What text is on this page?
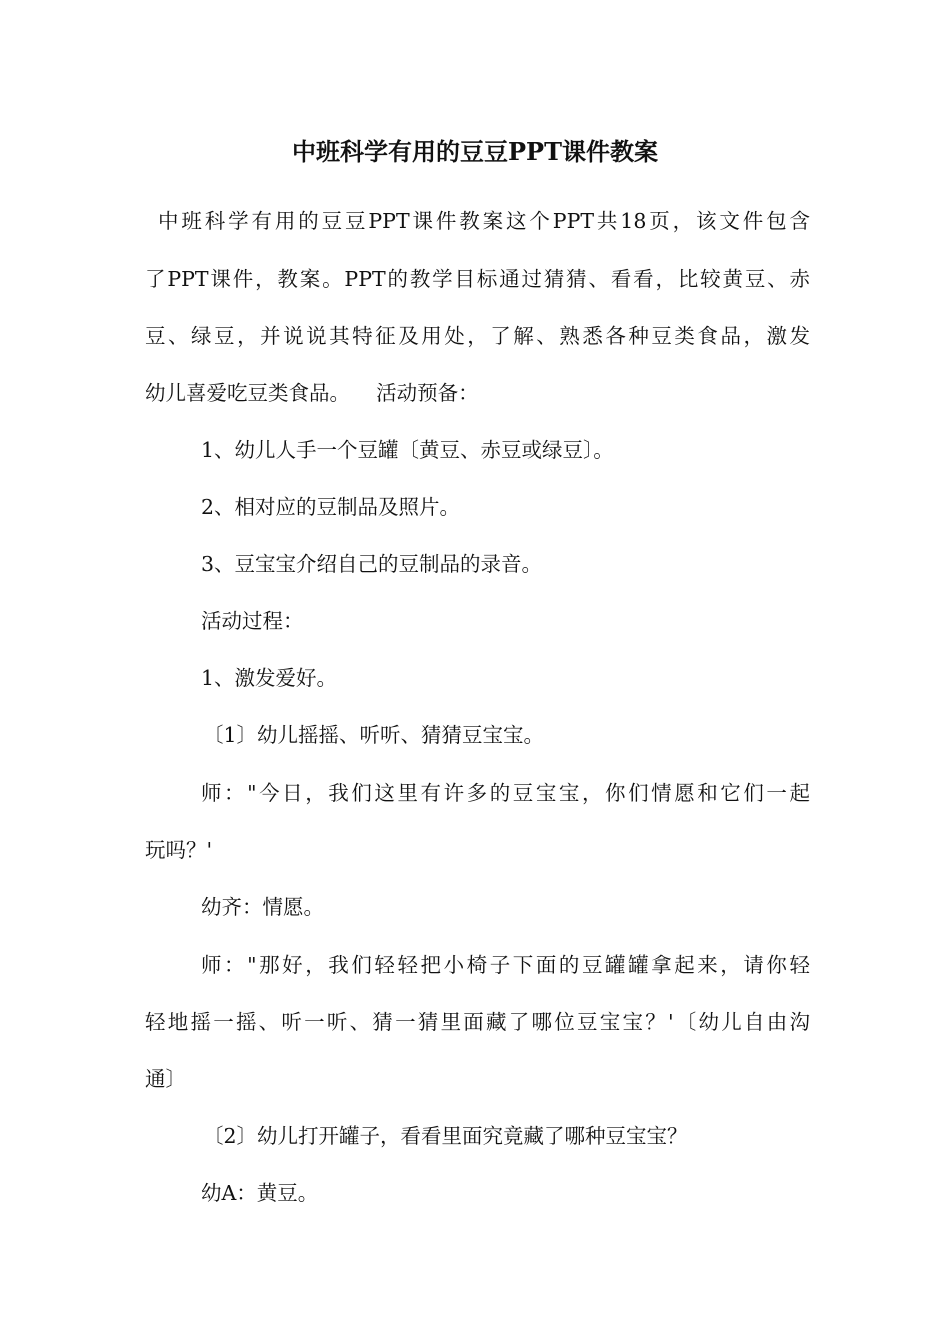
中班科学有用的豆豆PPT课件教案

中班科学有用的豆豆PPT课件教案这个PPT共18页，该文件包含

了PPT课件，教案。PPT的教学目标通过猜猜、看看，比较黄豆、赤

豆、绿豆，并说说其特征及用处，了解、熟悉各种豆类食品，激发

幼儿喜爱吃豆类食品。    活动预备：

1、幼儿人手一个豆罐〔黄豆、赤豆或绿豆〕。

2、相对应的豆制品及照片。

3、豆宝宝介绍自己的豆制品的录音。

活动过程：

1、激发爱好。

〔1〕幼儿摇摇、听听、猜猜豆宝宝。

师："今日，我们这里有许多的豆宝宝，你们情愿和它们一起

玩吗？'

幼齐：情愿。

师："那好，我们轻轻把小椅子下面的豆罐罐拿起来，请你轻

轻地摇一摇、听一听、猜一猜里面藏了哪位豆宝宝？'〔幼儿自由沟

通〕

〔2〕幼儿打开罐子，看看里面究竟藏了哪种豆宝宝？

幼A：黄豆。
